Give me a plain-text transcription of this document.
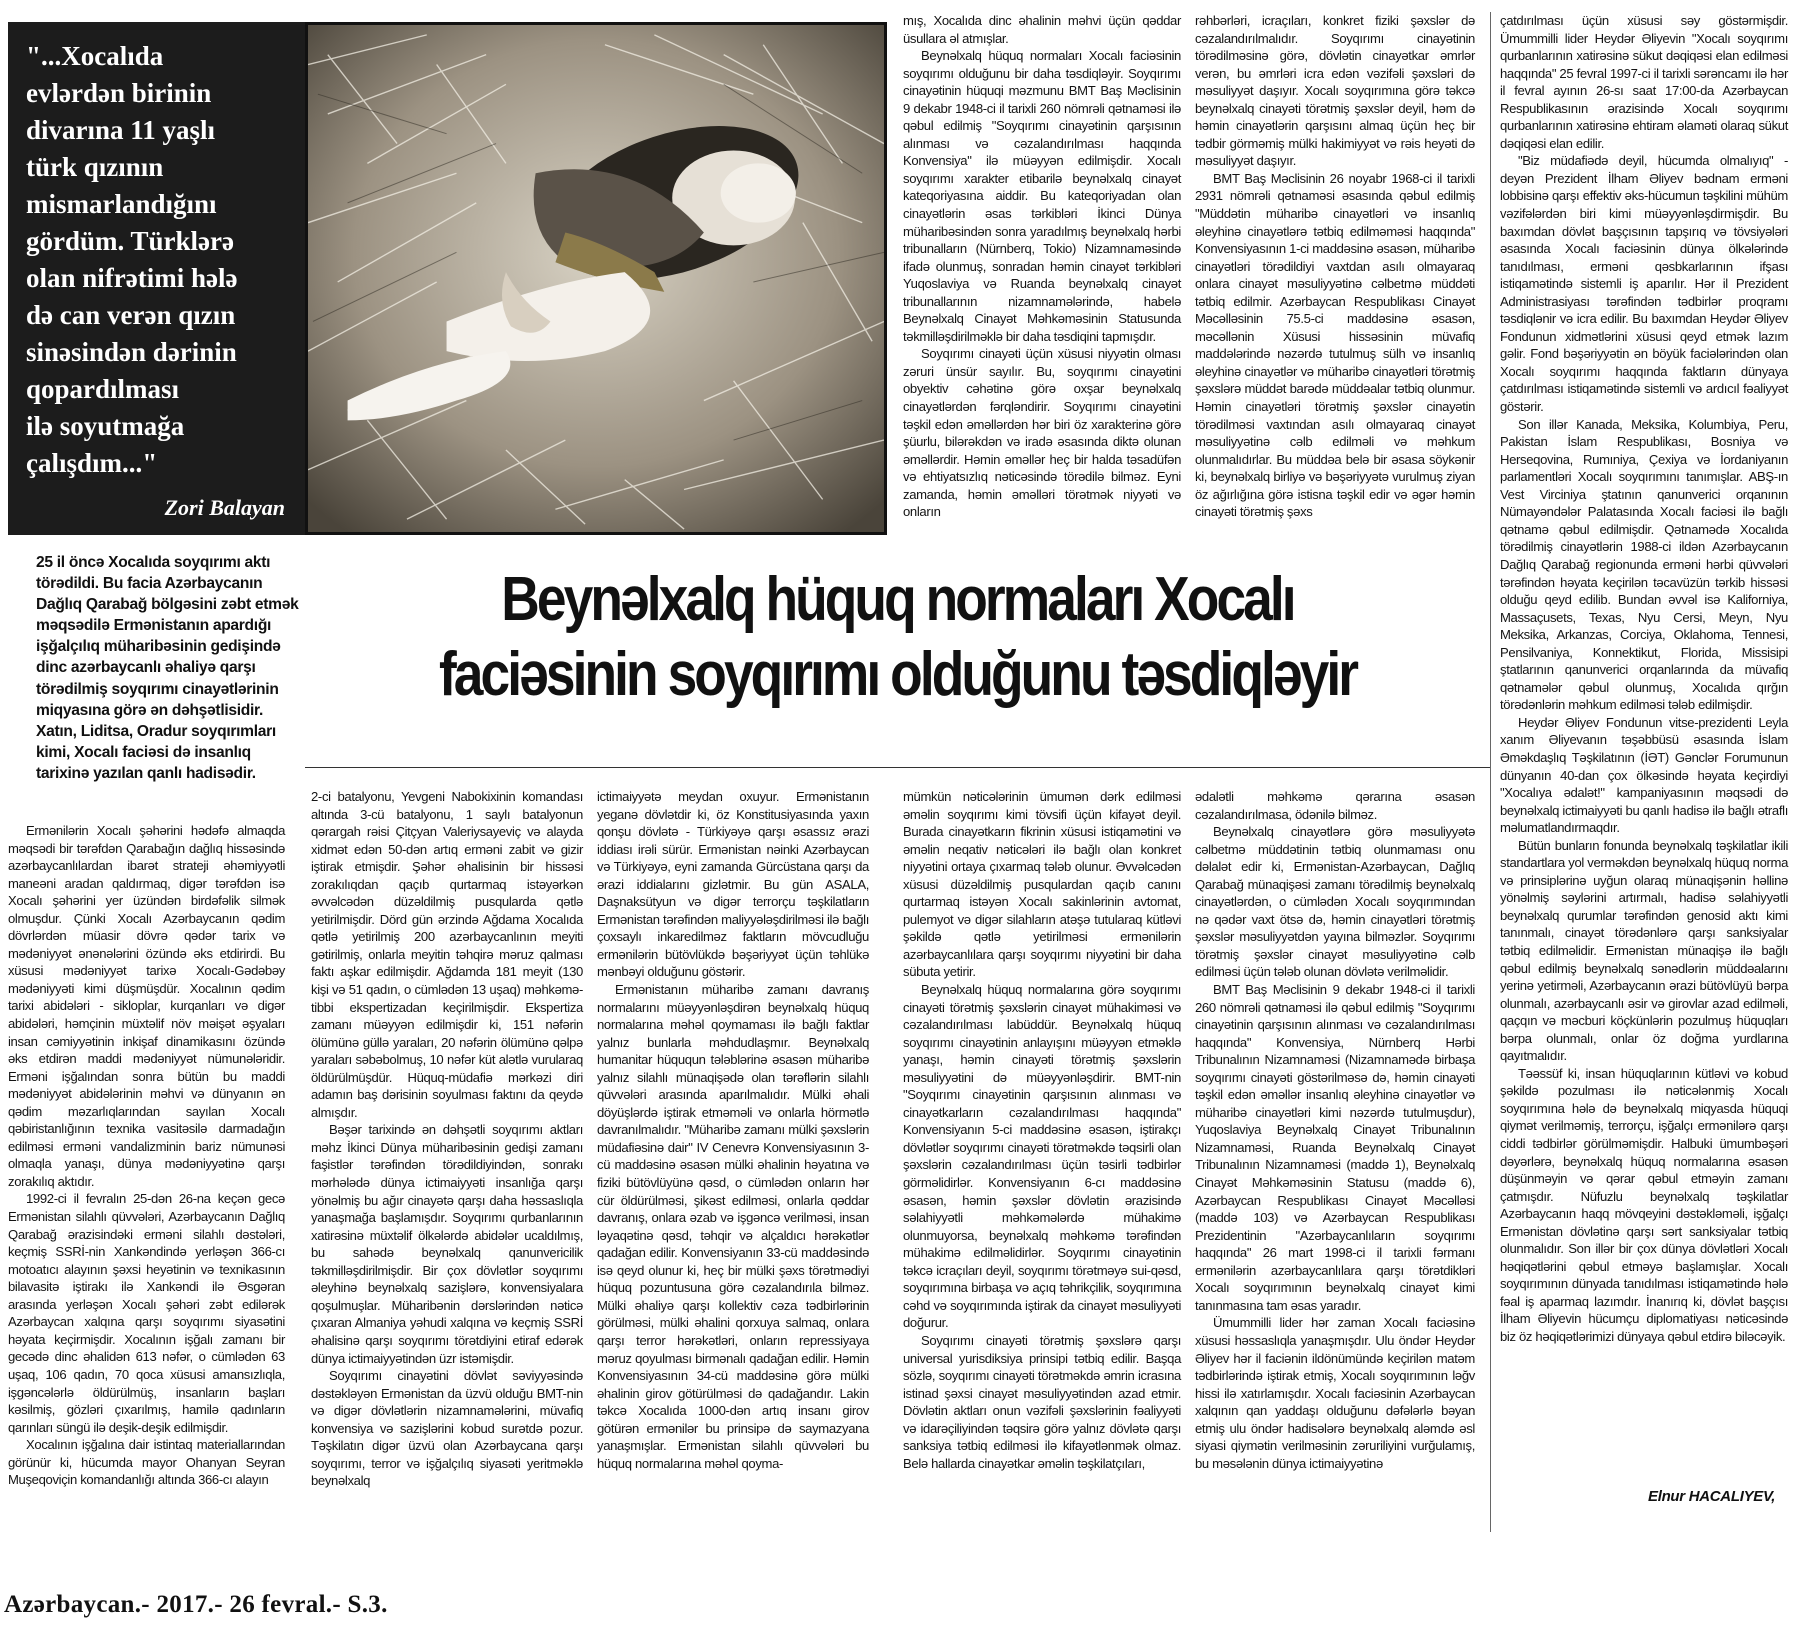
"...Xocalıda
evlərdən birinin
divarına 11 yaşlı
türk qızının
mismarlandığını
gördüm. Türklərə
olan nifrətimi hələ
də can verən qızın
sinəsindən dərinin
qopardılması
ilə soyutmağa
çalışdım..."

Zori Balayan

25 il öncə Xocalıda soyqırımı aktı törədildi. Bu facia Azərbaycanın Dağlıq Qarabağ bölgəsini zəbt etmək məqsədilə Ermənistanın apardığı işğalçılıq müharibəsinin gedişində dinc azərbaycanlı əhaliyə qarşı törədilmiş soyqırımı cinayətlərinin miqyasına görə ən dəhşətlisidir. Xatın, Liditsa, Oradur soyqırımları kimi, Xocalı faciəsi də insanlıq tarixinə yazılan qanlı hadisədir.

Beynəlxalq hüquq normaları Xocalı
faciəsinin soyqırımı olduğunu təsdiqləyir

Ermənilərin Xocalı şəhərini hədəfə almaqda məqsədi bir tərəfdən Qarabağın dağlıq hissəsində azərbaycanlılardan ibarət strateji əhəmiyyətli maneəni aradan qaldırmaq, digər tərəfdən isə Xocalı şəhərini yer üzündən birdəfəlik silmək olmuşdur. Çünki Xocalı Azərbaycanın qədim dövrlərdən müasir dövrə qədər tarix və mədəniyyət ənənələrini özündə əks etdirirdi. Bu xüsusi mədəniyyət tarixə Xocalı-Gədəbəy mədəniyyəti kimi düşmüşdür. Xocalının qədim tarixi abidələri - sikloplar, kurqanları və digər abidələri, həmçinin müxtəlif növ məişət əşyaları insan cəmiyyətinin inkişaf dinamikasını özündə əks etdirən maddi mədəniyyət nümunələridir. Erməni işğalından sonra bütün bu maddi mədəniyyət abidələrinin məhvi və dünyanın ən qədim məzarlıqlarından sayılan Xocalı qəbiristanlığının texnika vasitəsilə darmadağın edilməsi erməni vandalizminin bariz nümunəsi olmaqla yanaşı, dünya mədəniyyətinə qarşı zorakılıq aktıdır.

1992-ci il fevralın 25-dən 26-na keçən gecə Ermənistan silahlı qüvvələri, Azərbaycanın Dağlıq Qarabağ ərazisindəki erməni silahlı dəstələri, keçmiş SSRİ-nin Xankəndində yerləşən 366-cı motoatıcı alayının şəxsi heyətinin və texnikasının bilavasitə iştirakı ilə Xankəndi ilə Əsgəran arasında yerləşən Xocalı şəhəri zəbt edilərək Azərbaycan xalqına qarşı soyqırımı siyasətini həyata keçirmişdir. Xocalının işğalı zamanı bir gecədə dinc əhalidən 613 nəfər, o cümlədən 63 uşaq, 106 qadın, 70 qoca xüsusi amansızlıqla, işgəncələrlə öldürülmüş, insanların başları kəsilmiş, gözləri çıxarılmış, hamilə qadınların qarınları süngü ilə deşik-deşik edilmişdir.

Xocalının işğalına dair istintaq materiallarından görünür ki, hücumda mayor Ohanyan Seyran Muşeqoviçin komandanlığı altında 366-cı alayın

2-ci batalyonu, Yevgeni Nabokixinin komandası altında 3-cü batalyonu, 1 saylı batalyonun qərargah rəisi Çitçyan Valeriysayeviç və alayda xidmət edən 50-dən artıq erməni zabit və gizir iştirak etmişdir. Şəhər əhalisinin bir hissəsi zorakılıqdan qaçıb qurtarmaq istəyərkən əvvəlcədən düzəldilmiş pusqularda qətlə yetirilmişdir. Dörd gün ərzində Ağdama Xocalıda qətlə yetirilmiş 200 azərbaycanlının meyiti gətirilmiş, onlarla meyitin təhqirə məruz qalması faktı aşkar edilmişdir. Ağdamda 181 meyit (130 kişi və 51 qadın, o cümlədən 13 uşaq) məhkəmə-tibbi ekspertizadan keçirilmişdir. Ekspertiza zamanı müəyyən edilmişdir ki, 151 nəfərin ölümünə güllə yaraları, 20 nəfərin ölümünə qəlpə yaraları səbəbolmuş, 10 nəfər küt alətlə vurularaq öldürülmüşdür. Hüquq-müdafiə mərkəzi diri adamın baş dərisinin soyulması faktını da qeydə almışdır.

Bəşər tarixində ən dəhşətli soyqırımı aktları məhz İkinci Dünya müharibəsinin gedişi zamanı faşistlər tərəfindən törədildiyindən, sonrakı mərhələdə dünya ictimaiyyəti insanlığa qarşı yönəlmiş bu ağır cinayətə qarşı daha həssaslıqla yanaşmağa başlamışdır. Soyqırımı qurbanlarının xatirəsinə müxtəlif ölkələrdə abidələr ucaldılmış, bu sahədə beynəlxalq qanunvericilik təkmilləşdirilmişdir. Bir çox dövlətlər soyqırımı əleyhinə beynəlxalq sazişlərə, konvensiyalara qoşulmuşlar. Müharibənin dərslərindən nəticə çıxaran Almaniya yəhudi xalqına və keçmiş SSRİ əhalisinə qarşı soyqırımı törətdiyini etiraf edərək dünya ictimaiyyətindən üzr istəmişdir.

Soyqırımı cinayətini dövlət səviyyəsində dəstəkləyən Ermənistan da üzvü olduğu BMT-nin və digər dövlətlərin nizamnamələrini, müvafiq konvensiya və sazişlərini kobud surətdə pozur. Təşkilatın digər üzvü olan Azərbaycana qarşı soyqırımı, terror və işğalçılıq siyasəti yeritməklə beynəlxalq

ictimaiyyətə meydan oxuyur. Ermənistanın yeganə dövlətdir ki, öz Konstitusiyasında yaxın qonşu dövlətə - Türkiyəyə qarşı əsassız ərazi iddiası irəli sürür. Ermənistan nəinki Azərbaycan və Türkiyəyə, eyni zamanda Gürcüstana qarşı da ərazi iddialarını gizlətmir. Bu gün ASALA, Daşnaksütyun və digər terrorçu təşkilatların Ermənistan tərəfindən maliyyələşdirilməsi ilə bağlı çoxsaylı inkaredilməz faktların mövcudluğu ermənilərin bütövlükdə bəşəriyyət üçün təhlükə mənbəyi olduğunu göstərir.

Ermənistanın müharibə zamanı davranış normalarını müəyyənləşdirən beynəlxalq hüquq normalarına məhəl qoymaması ilə bağlı faktlar yalnız bunlarla məhdudlaşmır. Beynəlxalq humanitar hüququn tələblərinə əsasən müharibə yalnız silahlı münaqişədə olan tərəflərin silahlı qüvvələri arasında aparılmalıdır. Mülki əhali döyüşlərdə iştirak etməməli və onlarla hörmətlə davranılmalıdır. "Müharibə zamanı mülki şəxslərin müdafiəsinə dair" IV Cenevrə Konvensiyasının 3-cü maddəsinə əsasən mülki əhalinin həyatına və fiziki bütövlüyünə qəsd, o cümlədən onların hər cür öldürülməsi, şikəst edilməsi, onlarla qəddar davranış, onlara əzab və işgəncə verilməsi, insan ləyaqətinə qəsd, təhqir və alçaldıcı hərəkətlər qadağan edilir. Konvensiyanın 33-cü maddəsində isə qeyd olunur ki, heç bir mülki şəxs törətmədiyi hüquq pozuntusuna görə cəzalandırıla bilməz. Mülki əhaliyə qarşı kollektiv cəza tədbirlərinin görülməsi, mülki əhalini qorxuya salmaq, onlara qarşı terror hərəkətləri, onların repressiyaya məruz qoyulması birmənalı qadağan edilir. Həmin Konvensiyasının 34-cü maddəsinə görə mülki əhalinin girov götürülməsi də qadağandır. Lakin təkcə Xocalıda 1000-dən artıq insanı girov götürən ermənilər bu prinsipə də saymazyana yanaşmışlar. Ermənistan silahlı qüvvələri bu hüquq normalarına məhəl qoyma-

mış, Xocalıda dinc əhalinin məhvi üçün qəddar üsullara əl atmışlar.

Beynəlxalq hüquq normaları Xocalı faciəsinin soyqırımı olduğunu bir daha təsdiqləyir. Soyqırımı cinayətinin hüquqi məzmunu BMT Baş Məclisinin 9 dekabr 1948-ci il tarixli 260 nömrəli qətnaməsi ilə qəbul edilmiş "Soyqırımı cinayətinin qarşısının alınması və cəzalandırılması haqqında Konvensiya" ilə müəyyən edilmişdir. Xocalı soyqırımı xarakter etibarilə beynəlxalq cinayət kateqoriyasına aiddir. Bu kateqoriyadan olan cinayətlərin əsas tərkibləri İkinci Dünya müharibəsindən sonra yaradılmış beynəlxalq hərbi tribunalların (Nürnberq, Tokio) Nizamnaməsində ifadə olunmuş, sonradan həmin cinayət tərkibləri Yuqoslaviya və Ruanda beynəlxalq cinayət tribunallarının nizamnamələrində, habelə Beynəlxalq Cinayət Məhkəməsinin Statusunda təkmilləşdirilməklə bir daha təsdiqini tapmışdır.

Soyqırımı cinayəti üçün xüsusi niyyətin olması zəruri ünsür sayılır. Bu, soyqırımı cinayətini obyektiv cəhətinə görə oxşar beynəlxalq cinayətlərdən fərqləndirir. Soyqırımı cinayətini təşkil edən əməllərdən hər biri öz xarakterinə görə şüurlu, bilərəkdən və iradə əsasında diktə olunan əməllərdir. Həmin əməllər heç bir halda təsadüfən və ehtiyatsızlıq nəticəsində törədilə bilməz. Eyni zamanda, həmin əməlləri törətmək niyyəti və onların

mümkün nəticələrinin ümumən dərk edilməsi əməlin soyqırımı kimi tövsifi üçün kifayət deyil. Burada cinayətkarın fikrinin xüsusi istiqamətini və əməlin neqativ nəticələri ilə bağlı olan konkret niyyətini ortaya çıxarmaq tələb olunur. Əvvəlcədən xüsusi düzəldilmiş pusqulardan qaçıb canını qurtarmaq istəyən Xocalı sakinlərinin avtomat, pulemyot və digər silahların atəşə tutularaq kütləvi şəkildə qətlə yetirilməsi ermənilərin azərbaycanlılara qarşı soyqırımı niyyətini bir daha sübuta yetirir.

Beynəlxalq hüquq normalarına görə soyqırımı cinayəti törətmiş şəxslərin cinayət mühakiməsi və cəzalandırılması labüddür. Beynəlxalq hüquq soyqırımı cinayətinin anlayışını müəyyən etməklə yanaşı, həmin cinayəti törətmiş şəxslərin məsuliyyətini də müəyyənləşdirir. BMT-nin "Soyqırımı cinayətinin qarşısının alınması və cinayətkarların cəzalandırılması haqqında" Konvensiyanın 5-ci maddəsinə əsasən, iştirakçı dövlətlər soyqırımı cinayəti törətməkdə təqsirli olan şəxslərin cəzalandırılması üçün təsirli tədbirlər görməlidirlər. Konvensiyanın 6-cı maddəsinə əsasən, həmin şəxslər dövlətin ərazisində səlahiyyətli məhkəmələrdə mühakimə olunmuyorsa, beynəlxalq məhkəmə tərəfindən mühakimə edilməlidirlər. Soyqırımı cinayətinin təkcə icraçıları deyil, soyqırımı törətməyə sui-qəsd, soyqırımına birbaşa və açıq təhrikçilik, soyqırımına cəhd və soyqırımında iştirak da cinayət məsuliyyəti doğurur.

Soyqırımı cinayəti törətmiş şəxslərə qarşı universal yurisdiksiya prinsipi tətbiq edilir. Başqa sözlə, soyqırımı cinayəti törətməkdə əmrin icrasına istinad şəxsi cinayət məsuliyyətindən azad etmir. Dövlətin aktları onun vəzifəli şəxslərinin fəaliyyəti və idarəçiliyindən təqsirə görə yalnız dövlətə qarşı sanksiya tətbiq edilməsi ilə kifayətlənmək olmaz. Belə hallarda cinayətkar əməlin təşkilatçıları,

rəhbərləri, icraçıları, konkret fiziki şəxslər də cəzalandırılmalıdır. Soyqırımı cinayətinin törədilməsinə görə, dövlətin cinayətkar əmrlər verən, bu əmrləri icra edən vəzifəli şəxsləri də məsuliyyət daşıyır. Xocalı soyqırımına görə təkcə beynəlxalq cinayəti törətmiş şəxslər deyil, həm də həmin cinayətlərin qarşısını almaq üçün heç bir tədbir görməmiş mülki hakimiyyət və rəis heyəti də məsuliyyət daşıyır.

BMT Baş Məclisinin 26 noyabr 1968-ci il tarixli 2931 nömrəli qətnaməsi əsasında qəbul edilmiş "Müddətin müharibə cinayətləri və insanlıq əleyhinə cinayətlərə tətbiq edilməməsi haqqında" Konvensiyasının 1-ci maddəsinə əsasən, müharibə cinayətləri törədildiyi vaxtdan asılı olmayaraq onlara cinayət məsuliyyətinə cəlbetmə müddəti tətbiq edilmir. Azərbaycan Respublikası Cinayət Məcəlləsinin 75.5-ci maddəsinə əsasən, məcəllənin Xüsusi hissəsinin müvafiq maddələrində nəzərdə tutulmuş sülh və insanlıq əleyhinə cinayətlər və müharibə cinayətləri törətmiş şəxslərə müddət barədə müddəalar tətbiq olunmur. Həmin cinayətləri törətmiş şəxslər cinayətin törədilməsi vaxtından asılı olmayaraq cinayət məsuliyyətinə cəlb edilməli və məhkum olunmalıdırlar. Bu müddəa belə bir əsasa söykənir ki, beynəlxalq birliyə və bəşəriyyətə vurulmuş ziyan öz ağırlığına görə istisna təşkil edir və əgər həmin cinayəti törətmiş şəxs

ədalətli məhkəmə qərarına əsasən cəzalandırılmasa, ödənilə bilməz.

Beynəlxalq cinayətlərə görə məsuliyyətə cəlbetmə müddətinin tətbiq olunmaması onu dəlalət edir ki, Ermənistan-Azərbaycan, Dağlıq Qarabağ münaqişəsi zamanı törədilmiş beynəlxalq cinayətlərdən, o cümlədən Xocalı soyqırımından nə qədər vaxt ötsə də, həmin cinayətləri törətmiş şəxslər məsuliyyətdən yayına bilməzlər. Soyqırımı törətmiş şəxslər cinayət məsuliyyətinə cəlb edilməsi üçün tələb olunan dövlətə verilməlidir.

BMT Baş Məclisinin 9 dekabr 1948-ci il tarixli 260 nömrəli qətnaməsi ilə qəbul edilmiş "Soyqırımı cinayətinin qarşısının alınması və cəzalandırılması haqqında" Konvensiya, Nürnberq Hərbi Tribunalının Nizamnaməsi (Nizamnamədə birbaşa soyqırımı cinayəti göstərilməsə də, həmin cinayəti təşkil edən əməllər insanlıq əleyhinə cinayətlər və müharibə cinayətləri kimi nəzərdə tutulmuşdur), Yuqoslaviya Beynəlxalq Cinayət Tribunalının Nizamnaməsi, Ruanda Beynəlxalq Cinayət Tribunalının Nizamnaməsi (maddə 1), Beynəlxalq Cinayət Məhkəməsinin Statusu (maddə 6), Azərbaycan Respublikası Cinayət Məcəlləsi (maddə 103) və Azərbaycan Respublikası Prezidentinin "Azərbaycanlıların soyqırımı haqqında" 26 mart 1998-ci il tarixli fərmanı ermənilərin azərbaycanlılara qarşı törətdikləri Xocalı soyqırımının beynəlxalq cinayət kimi tanınmasına tam əsas yaradır.

Ümummilli lider hər zaman Xocalı faciəsinə xüsusi həssaslıqla yanaşmışdır. Ulu öndər Heydər Əliyev hər il faciənin ildönümündə keçirilən matəm tədbirlərində iştirak etmiş, Xocalı soyqırımının ləğv hissi ilə xatırlamışdır. Xocalı faciəsinin Azərbaycan xalqının qan yaddaşı olduğunu dəfələrlə bəyan etmiş ulu öndər hadisələrə beynəlxalq aləmdə əsl siyasi qiymətin verilməsinin zəruriliyini vurğulamış, bu məsələnin dünya ictimaiyyətinə

çatdırılması üçün xüsusi səy göstərmişdir. Ümummilli lider Heydər Əliyevin "Xocalı soyqırımı qurbanlarının xatirəsinə sükut dəqiqəsi elan edilməsi haqqında" 25 fevral 1997-ci il tarixli sərəncamı ilə hər il fevral ayının 26-sı saat 17:00-da Azərbaycan Respublikasının ərazisində Xocalı soyqırımı qurbanlarının xatirəsinə ehtiram əlaməti olaraq sükut dəqiqəsi elan edilir.

"Biz müdafiədə deyil, hücumda olmalıyıq" - deyən Prezident İlham Əliyev bədnam erməni lobbisinə qarşı effektiv əks-hücumun təşkilini mühüm vəzifələrdən biri kimi müəyyənləşdirmişdir. Bu baxımdan dövlət başçısının tapşırıq və tövsiyələri əsasında Xocalı faciəsinin dünya ölkələrində tanıdılması, erməni qəsbkarlarının ifşası istiqamətində sistemli iş aparılır. Hər il Prezident Administrasiyası tərəfindən tədbirlər proqramı təsdiqlənir və icra edilir. Bu baxımdan Heydər Əliyev Fondunun xidmətlərini xüsusi qeyd etmək lazım gəlir. Fond bəşəriyyətin ən böyük faciələrindən olan Xocalı soyqırımı haqqında faktların dünyaya çatdırılması istiqamətində sistemli və ardıcıl fəaliyyət göstərir.

Son illər Kanada, Meksika, Kolumbiya, Peru, Pakistan İslam Respublikası, Bosniya və Herseqovina, Rumıniya, Çexiya və İordaniyanın parlamentləri Xocalı soyqırımını tanımışlar. ABŞ-ın Vest Virciniya ştatının qanunverici orqanının Nümayəndələr Palatasında Xocalı faciəsi ilə bağlı qətnamə qəbul edilmişdir. Qətnamədə Xocalıda törədilmiş cinayətlərin 1988-ci ildən Azərbaycanın Dağlıq Qarabağ regionunda erməni hərbi qüvvələri tərəfindən həyata keçirilən təcavüzün tərkib hissəsi olduğu qeyd edilib. Bundan əvvəl isə Kaliforniya, Massaçusets, Texas, Nyu Cersi, Meyn, Nyu Meksika, Arkanzas, Corciya, Oklahoma, Tennesi, Pensilvaniya, Konnektikut, Florida, Missisipi ştatlarının qanunverici orqanlarında da müvafiq qətnamələr qəbul olunmuş, Xocalıda qırğın törədənlərin məhkum edilməsi tələb edilmişdir.

Heydər Əliyev Fondunun vitse-prezidenti Leyla xanım Əliyevanın təşəbbüsü əsasında İslam Əməkdaşlıq Təşkilatının (İƏT) Gənclər Forumunun dünyanın 40-dan çox ölkəsində həyata keçirdiyi "Xocalıya ədalət!" kampaniyasının məqsədi də beynəlxalq ictimaiyyəti bu qanlı hadisə ilə bağlı ətraflı məlumatlandırmaqdır.

Bütün bunların fonunda beynəlxalq təşkilatlar ikili standartlara yol verməkdən beynəlxalq hüquq norma və prinsiplərinə uyğun olaraq münaqişənin həllinə yönəlmiş səylərini artırmalı, hadisə səlahiyyətli beynəlxalq qurumlar tərəfindən genosid aktı kimi tanınmalı, cinayət törədənlərə qarşı sanksiyalar tətbiq edilməlidir. Ermənistan münaqişə ilə bağlı qəbul edilmiş beynəlxalq sənədlərin müddəalarını yerinə yetirməli, Azərbaycanın ərazi bütövlüyü bərpa olunmalı, azərbaycanlı əsir və girovlar azad edilməli, qaçqın və məcburi köçkünlərin pozulmuş hüquqları bərpa olunmalı, onlar öz doğma yurdlarına qayıtmalıdır.

Təəssüf ki, insan hüquqlarının kütləvi və kobud şəkildə pozulması ilə nəticələnmiş Xocalı soyqırımına hələ də beynəlxalq miqyasda hüquqi qiymət verilməmiş, terrorçu, işğalçı ermənilərə qarşı ciddi tədbirlər görülməmişdir. Halbuki ümumbəşəri dəyərlərə, beynəlxalq hüquq normalarına əsasən düşünməyin və qərar qəbul etməyin zamanı çatmışdır. Nüfuzlu beynəlxalq təşkilatlar Azərbaycanın haqq mövqeyini dəstəkləməli, işğalçı Ermənistan dövlətinə qarşı sərt sanksiyalar tətbiq olunmalıdır. Son illər bir çox dünya dövlətləri Xocalı həqiqətlərini qəbul etməyə başlamışlar. Xocalı soyqırımının dünyada tanıdılması istiqamətində hələ fəal iş aparmaq lazımdır. İnanırıq ki, dövlət başçısı İlham Əliyevin hücumçu diplomatiyası nəticəsində biz öz həqiqətlərimizi dünyaya qəbul etdirə biləcəyik.

Elnur HACALIYEV,
Azərbaycan.- 2017.- 26 fevral.- S.3.
